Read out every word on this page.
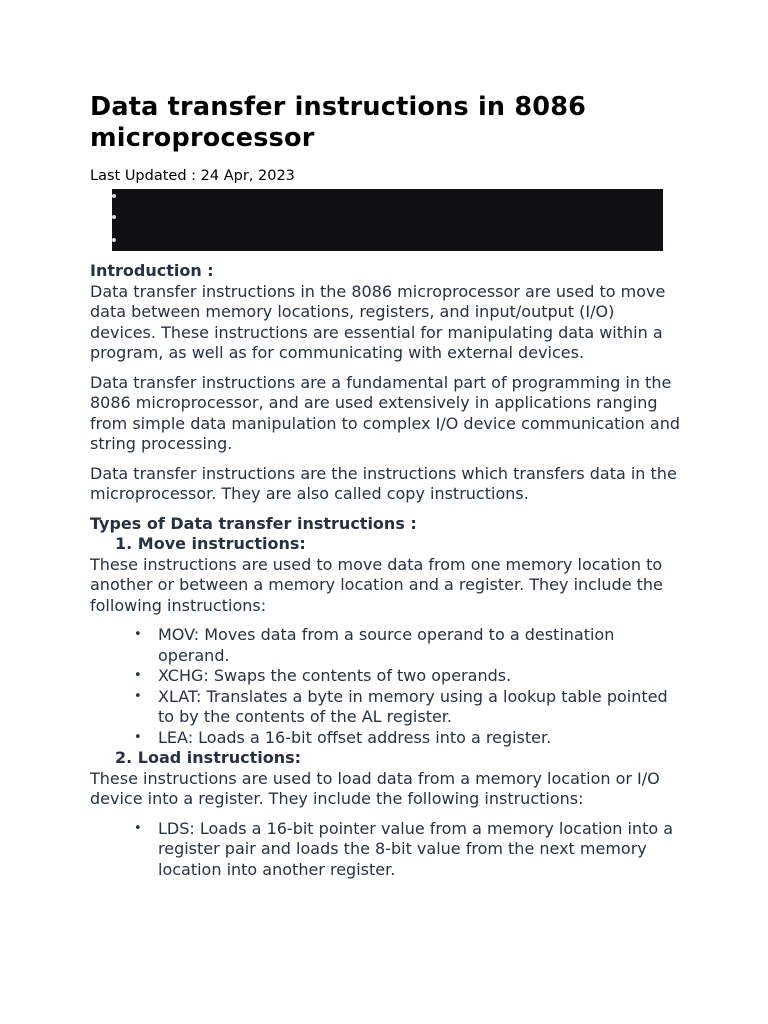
Data transfer instructions in 8086 microprocessor
Last Updated : 24 Apr, 2023
Introduction :

Data transfer instructions in the 8086 microprocessor are used to move data between memory locations, registers, and input/output (I/O) devices. These instructions are essential for manipulating data within a program, as well as for communicating with external devices.

Data transfer instructions are a fundamental part of programming in the 8086 microprocessor, and are used extensively in applications ranging from simple data manipulation to complex I/O device communication and string processing.

Data transfer instructions are the instructions which transfers data in the microprocessor. They are also called copy instructions.

Types of Data transfer instructions :
1. Move instructions:

These instructions are used to move data from one memory location to another or between a memory location and a register. They include the following instructions:

• MOV: Moves data from a source operand to a destination operand.
• XCHG: Swaps the contents of two operands.
• XLAT: Translates a byte in memory using a lookup table pointed to by the contents of the AL register.
• LEA: Loads a 16-bit offset address into a register.
2. Load instructions:

These instructions are used to load data from a memory location or I/O device into a register. They include the following instructions:

• LDS: Loads a 16-bit pointer value from a memory location into a register pair and loads the 8-bit value from the next memory location into another register.
